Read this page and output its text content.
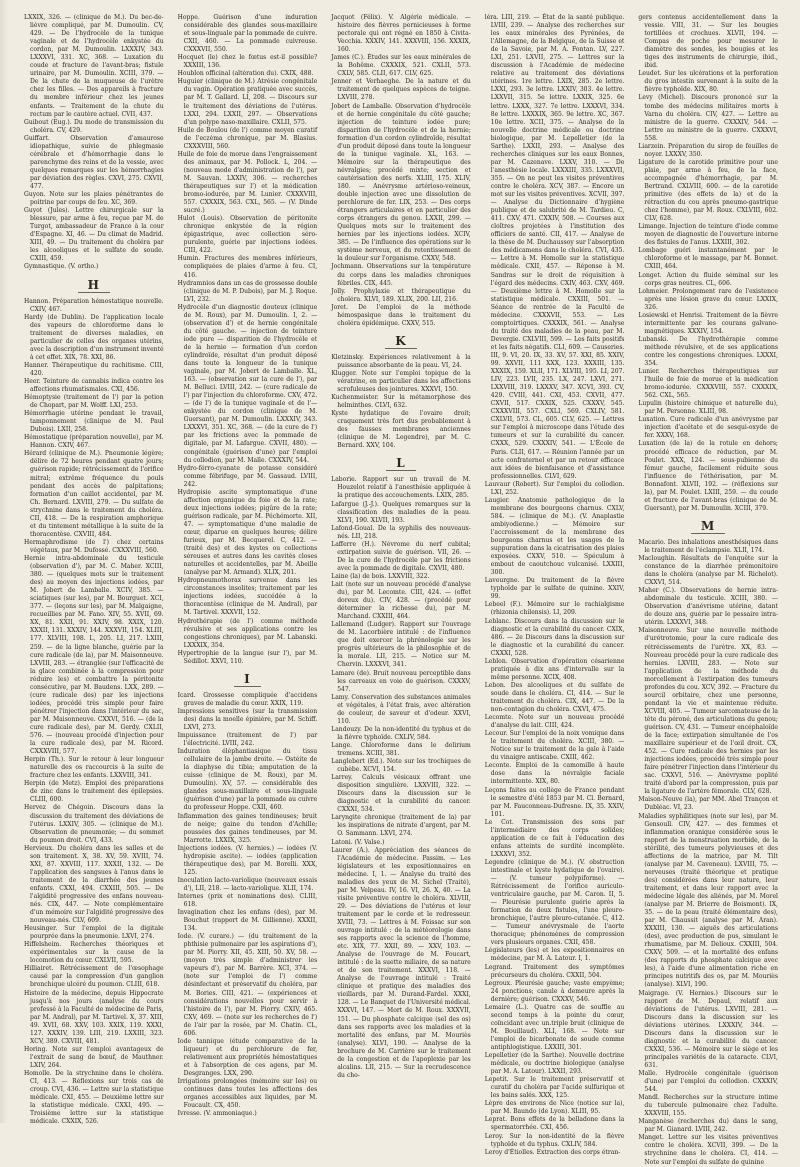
LXXIX, 326. — (clinique de M.). Du bec-de-lièvre compliqué, par M. Dumoulin. CV, 429. — De l'hydrocèle de la tunique vaginale et de l'hydrocèle enkystée du cordon, par M. Dumoulin. LXXXIV, 343. LXXXVI, 331. XC, 368. — Luxation du coude et fracture de l'avant-bras; fistule urinaire, par M. Dumoulin. XCIII, 379. — De la chute de la muqueuse de l'urètre chez les filles. — Des appareils à fracture du membre inférieur chez les jeunes enfants. — Traitement de la chute du rectum par le cautère actuel. CVII, 437.

Guibout (Eug.). Du mode de transmission du choléra. CV, 429.

Guiffart. Observation d'amaurose idiopathique, suivie de phlegmasie cérébrale et d'hémorrhagie dans le parenchyme des reins et de la vessie, avec quelques remarques sur les hémorrhagies par déviation des règles. CXVI, 275. CXVII, 477.

Guyon. Note sur les plaies pénétrantes de poitrine par coups de feu. XC, 369.

Guyot (Jules). Lettre chirurgicale sur la blessure, par arme à feu, reçue par M. de Turgot, ambassadeur de France à la cour d'Espagne. XI, 46. — Du climat de Madrid. XIII, 49. — Du traitement du choléra par les alcooliques et le sulfate de soude. CXIII, 459.

Gymnastique. (V. ortho.)

H

Hannon. Préparation hémostatique nouvelle. CXIV, 467.

Hardy (de Dublin). De l'application locale des vapeurs de chloroforme dans le traitement de diverses maladies, en particulier de celles des organes utérins, avec la description d'un instrument inventé à cet effet. XIX, 78. XXI, 86.

Hanner. Thérapeutique du rachitisme. CIII, 420.

Heer. Teinture de cannabis indica contre les affections rhumatismales. CXI, 456.

Hémoptysie (traitement de l') par la potion de Chopart, par M. Wolff. LXI, 253.

Hémorrhagie utérine pendant le travail, tamponnement (clinique de M. Paul Dubois). LXII, 258.

Hémostatique (préparation nouvelle), par M. Hannon. CXIV, 467.

Hérard (clinique de M.). Pneumonie légère; délire de 72 heures pendant quatre jours; guérison rapide; rétrécissement de l'orifice mitral; extrême fréquence du pouls pendant des accès de palpitations; formation d'un caillot accidentel, par M. Ch. Bernard. LXVIII, 279. — Du sulfate de strychnine dans le traitement du choléra. CII, 418. — De la respiration amphorique et du tintement métallique à la suite de la thoracentèse. CXVIII, 484.

Hermaphrodisme (de l') chez certains végétaux, par M. Dufossé. CXXXVIII, 560.

Hernie intra-abdominale du testicule (observation d'), par M. C. Maher. XCIII, 380. — (quelques mots sur le traitement des) au moyen des injections iodées, par M. Jobert de Lamballe. XCIV, 385. — sciatiques (sur les), par M. Bourguet. XCI, 377. — (leçons sur les), par M. Malgaigne, recueillies par M. Fano. XIV, 55. XVII, 69. XX, 81. XXII, 91. XXIV, 98. XXIX, 120. XXXII, 131. XXXIV, 144. XXXVII, 154. XLIII, 177. XLVIII, 198. L, 205. LI, 217. LXIII, 259. — de la ligne blanche, guérie par la cure radicale (de la), par M. Maisonneuve. LXVIII, 283. — étranglée (sur l'efficacité de la glace combinée à la compression pour réduire les) et combattre la péritonite consécutive, par M. Baudens. LXX, 289. — (cure radicale des) par les injections iodées, procédé très simple pour faire pénétrer l'injection dans l'intérieur du sac, par M. Maisonneuve. CXXVI, 516. — (de la cure radicale des), par M. Gerdy. CXLII, 576. — (nouveau procédé d'injection pour la cure radicale des), par M. Ricord. CXXXVIII, 577.

Herpin (Th.). Sur le retour à leur longueur naturelle des os raccourcis à la suite de fracture chez les enfants. LXXVIII, 341.

Herpin (de Metz). Emploi des préparations de zinc dans le traitement des épilepsies. CLIII, 600.

Hervez de Chégoin. Discours dans la discussion du traitement des déviations de l'utérus. LXXIV, 305. — (clinique de M.). Observation de pneumonie; — du sommet du poumon droit. CVI, 433.

Hervieux. Du choléra dans les salles et de son traitement. X, 38. XV, 59. XVIII, 74. XXI, 87. XXVIII, 117. XXXII, 132. — De l'application des sangsues à l'anus dans le traitement de la diarrhée des jeunes enfants. CXXI, 494. CXXIII, 505. — De l'algidité progressive des enfans nouveau-nés. CIX, 447. — Note complémentaire d'un mémoire sur l'algidité progressive des nouveau-nés. CLV, 609.

Heusinger. Sur l'emploi de la digitale pourprée dans la pneumonie. LXVI, 274.

Hiffelsheim. Recherches théoriques et expérimentales sur la cause de la locomotion du cœur. CXLVII, 595.

Hilliairet. Rétrécissement de l'œsophage causé par la compression d'un ganglion bronchique ulcéré du poumon. CLIII, 618.

Histoire de la médecine, depuis Hippocrate jusqu'à nos jours (analyse du cours professé à la Faculté de médecine de Paris, par M. Andral), par M. Tartivel. X, 37. XIII, 49. XVII, 68. XXV, 103. XXIX, 119. XXXI, 127. XXXIV, 139. LIII, 219. LXXIII, 323. XCV, 389. CXVIII, 481.

Horing. Note sur l'emploi avantageux de l'extrait de sang de bœuf, de Mauthner. LXIV, 264.

Homolle. De la strychnine dans le choléra. CI, 413. — Réflexions sur trois cas de croup. CVI, 436. — Lettre sur la statistique médicale. CXI, 455. — Deuxième lettre sur la statistique médicale. CXXI, 495. — Troisième lettre sur la statistique médicale. CXXIX, 526.

Hoppe. Guérison d'une induration considérable des glandes sous-maxillaire et sous-linguale par la pommade de cuivre. CXII, 460. — La pommade cuivreuse. CXXXVII, 550.

Hocquet (le) chez le fœtus est-il possible? XXXIII, 136.

Houblon officinal (altération du). CXIX, 488.

Huguier (clinique de M.) Atrésie congénitale du vagin. Opération pratiquée avec succès, par M. T. Gallard. LI, 208. — Discours sur le traitement des déviations de l'utérus. LXXI, 294. LXXII, 297. — Observations d'un polype naso-maxillaire. CXLII, 575.

Huile de Boulou (de l') comme moyen curatif de l'eczéma chronique, par M. Blasius. CXXXVIII, 560.

Huile de foie de morue dans l'engraissement des animaux, par M. Pollock. L, 204. — (nouveau mode d'administration de l'), par M. Sauvan. LXXIV, 306. — recherches thérapeutiques sur l') et la médication bromo-iodurée, par M. Lunier. CXXXVIII, 557. CXXXIX, 563. CXL, 565. — (V. Dinde sucré.)

Hulot (Louis). Observation de péritonite chronique enkystée de la région épigastrique, avec collection séro-purulente, guérie par injections iodées. CIII, 422.

Humin. Fractures des membres inférieurs, compliquées de plaies d'arme à feu. CI, 416.

Hydramnios dans un cas de grossesse double (clinique de M. P. Dubois), par M. J. Roque. LVI, 232.

Hydrocèle d'un diagnostic douteux (clinique de M. Roux), par M. Dumoulin. I, 2. — (observation d') et de hernie congénitale du côté gauche. — injection de teinture iode pure — disparition de l'hydrocèle et de la hernie — formation d'un cordon cylindroïde, résultat d'un produit déposé dans toute la longueur de la tunique vaginale, par M. Jobert de Lamballe. XL, 163. — (observation sur la cure de l'), par M. Belluci. LVIII, 242. — (cure radicale de l') par l'injection du chloroforme. CXV, 472. — (de l') de la tunique vaginale et de l'— enkystée du cordon (clinique de M. Guersant), par M. Dumoulin. LXXXIV, 343. LXXXVI, 351. XC, 368. — (de la cure de l') par les frictions avec la pommade de digitale, par M. Lafargue. CXVII, 480). — congénitale (guérison d'une) par l'emploi du collodion, par M. Malle. CXXXIV, 544.

Hydro-férro-cyanate de potasse considéré comme fébrifuge, par M. Gassaud. LVIII, 242.

Hydropisie ascite symptomatique d'une affection organique du foie et de la rate; deux injections iodées; pigûre de la rate; guérison radicale, par M. Péchémorte. XII, 47. — symptomatique d'une maladie de cœur, diparue en quelques heures; délire furieux, par M. Becquerel. C, 412. — (traité des) et des kystes ou collections séreuses et autres dans les cavités closes naturelles et accidentelles, par M. Abeille (analyse par M. Armand). XLIX, 201.

Hydropneumothorax survenue dans les circonstances insolites; traitement par les injections iodées, succédée à la thoracentèse (clinique de M. Andral), par M. Tartivel. XXXVII, 152.

Hydrothérapie (de l') comme méthode révulsive et ses applications contre les congestions chroniques), par M. Labanski. LXXXIX, 354.

Hypertrophie de la langue (sur l'), par M. Sédillot. XXVI, 110.

I

Icard. Grossesse compliquée d'accidens graves de maladie du cœur. XXIX, 119.

Impressions sensitives (sur la transmission des) dans la moelle épinière, par M. Schiff. LXVI, 273.

Impuissance (traitement de l') par l'électricité. LVIII, 242.

Induration éléphantiasique du tissu cellulaire de la jambe droite. — Ostéite de la diaphyse du tibia; amputation de la cuisse (clinique de M. Roux), par M. Dumoulin). XV, 57. — considérable des glandes sous-maxillaire et sous-linguale (guérison d'une) par la pommade au cuivre du professeur Hoppe. CXII, 460.

Inflammation des gaines tendineuses; bruit de neige; gaine du tendon d'Achille; poussées des gaines tendineuses, par M. Marrotte. LXXIX, 325.

Injections iodées. (V. hernies.) — iodées (V. hydropisie ascite). — iodées (application thérapeutique des), par M. Borelli. XXX, 125.

Inoculation lacto-variolique (nouveaux essais d'), LII, 218. — lacto-variolique. XLII, 174.

Internes (prix et nominations des). CLIII, 618.

Invagination chez les enfans (des), par M. Bouchut (rapport de M. Gillienne). XXXII, 134.

Iode. (V. curare.) — (du traitement de la phthisie pulmonaire par les aspirations d'), par M. Piorry. XII, 45. XIII, 50. XV, 58. — (moyen très simple d'administrer les vapeurs d'), par M. Barrère. XCI, 374. — (note sur l'emploi de l') comme désinfectant et préservatif du choléra, par M. Bories. CIII, 421. — (expériences et considérations nouvelles pour servir à l'histoire de l'), par M. Piorry. CXIV, 465. CXV, 469. — (note sur les recherches de l') de l'air par la rosée, par M. Chatin. CL, 606.

Iode tannique (étude comparative de la liqueur) et du perchlorure de fer, relativement aux propriétés hémostatiques et à l'absorption de ces agens, par M. Desgranges. LXX, 290.

Irrigations prolongées (mémoire sur les) ou continues dans toutes les affections des organes accessibles aux liquides, par M. Foucault. CX, 450.

Ivresse. (V. ammoniaque.)

Jacquot (Félix). V. Algérie médicale. — histoire des fièvres pernicieuses à forme pectorale qui ont régné en 1850 à Civita-Vecchia. XXXIV, 141. XXXVIII, 156. XXXIX, 160.

James (C.). Études sur les eaux minérales de la Bohême. CXXXIX, 521. CXLII, 573. CXLV, 585. CLII, 617. CLV, 625.

Jenner et Verhaeghe. De la nature et du traitement de quelques espèces de teigne. LXVIII, 278.

Jobert de Lamballe. Observation d'hydrocèle et de hernie congénitale du côté gauche; injection de teinture iodée pure; disparition de l'hydrocèle et de la hernie; formation d'un cordon cylindroïde, résultat d'un produit déposé dans toute la longueur de la tunique vaginale. XL, 163. — Mémoire sur la thérapeutique des névralgies; procédé mixte; section et cautérisation des nerfs. XLIII, 175. XLIV, 180. — Anévrysme artérioso-veineux, double injection avec une dissolution de perchlorure de fer. LIX, 253. — Des corps étrangers articulaires et en particulier des corps étrangers du genou. LXXII, 299. — Quelques mots sur le traitement des hernies par les injections iodées. XCIV, 385. — De l'influence des opérations sur le système nerveux, et du retentissement de la douleur sur l'organisme. CXXV, 548.

Jochmann. Observations sur la température du corps dans les maladies chroniques fébriles. CIX, 445.

Jolly. Prophylaxie et thérapeutique du choléra. XLVI, 189. XLIX, 200. LII, 216.

Joret. De l'emploi de la méthode hémospasique dans le traitement du choléra épidémique. CXXV, 515.

K

Kletzinsky. Expériences relativement à la puissance absorbante de la peau. VI, 24.

Klugger. Note sur l'emploi topique de la vératrine, en particulier dans les affections scrofuleuses des jointures. XXXVI, 150.

Kuchenmeister. Sur la métamorphose des helminthes. CLVI, 632.

Kyste hydatique de l'ovaire droit; craquement très fort dus probablement à des fausses membranes anciennes (clinique de M. Legendre), par M. C. Bernard. XXV, 104.

L

Laborie. Rapport sur un travail de M. Houzelot relatif à l'anesthésie appliquée à la pratique des accouchements. LXIX, 285.

Lafargue (J.-J.). Quelques remarques sur la classification des maladies de la peau. XLVI, 190. XLVII, 193.

Lafond-Goual. De la syphilis des nouveaux-nés. LII, 218.

Lafferre (H.). Névrome du nerf cubital; extirpation suivie de guérison. VII, 26. — De la cure de l'hydrocèle par les frictions avec la pommade de digitale. CXVII, 480.

Laine (la) de bois. LXXVIII, 322.

Lait (note sur un nouveau procédé d'analyse du), par M. Lecomte. CIII, 424. — (effet doreux du). CIV, 428. — (procédé pour déterminer la richesse du), par M. Marchand. CXXIII, 464.

Lallemand (Ludger). Rapport sur l'ouvrage de M. Lacorbière intitulé : de l'influence que doit exercer la phrénologie sur les progrès ultérieurs de la philosophie et de la morale. LII, 215. — Notice sur M. Chervin. LXXXVI, 341.

Lamare (de). Bruit nouveau perceptible dans les carreaux en voie de guérison. CXXXV, 547.

Lamy. Conservation des substances animales et végétales, à l'état frais, avec altération de couleur, de saveur et d'odeur. XXVI, 110.

Landouzy. De la non-identité du typhus et de la fièvre typhoïde. CXLIV, 584.

Lange. Chloroforme dans le delirium tremens. XCIII, 381.

Langlebert (Ed.). Note sur les trochiques de cubèbe. XCVI, 154.

Larrey. Calculs vésicaux offrant une disposition singulière. LXXVIII, 322. — Discours dans la discussion sur le diagnostic et la curabilité du cancer. CXXXI, 534.

Laryngite chronique (traitement de la) par les inspirations de nitrate d'argent, par M. O. Sammann. LXVI, 274.

Latoni. (V. Valse.)

Laurer (A.). Appréciation des séances de l'Académie de médecine. Passim. — Les législateurs et les expositionnaires en médecine. I, 1. — Analyse du traité des maladies des yeux de M. Sichel (Traité), par M. Velpeau. IV, 16. VI, 26. X, 40. — La visite préventive contre le choléra. XLVIII, 29. — Des déviations de l'utérus et leur traitement par le corde et le redresseur. XVIII, 73. — Lettres à M. Foissac sur son ouvrage intitulé : de la météorologie dans ses rapports avec la science de l'homme, etc. XIX, 77. XXII, 89. — XXV, 103. — Analyse de l'ouvrage de M. Foucart, intitulé : de la suette miliaire, de sa nature et de son traitement. XXXVI, 118. — Analyse de l'ouvrage intitulé : Traité clinique et pratique des maladies des vieillards, par M. Durand-Fardel. XXXI, 128. — Le Banquet de l'Université médical. XXXVI, 147. — Mort de M. Roux. XXXVII, 151. — Du phosphate calcique (sel des os) dans ses rapports avec les maladies et la mortalité des enfans, par M. Mouriès (analyse). XLVI, 190. — Analyse de la brochure de M. Carrière sur le traitement de la congestion et de l'apoplexie par les alcalins. LII, 215. — Sur la recrudescence du cho-

léra. LIII, 219. — État de la santé publique. LVIII, 239. — Analyse des recherches sur les eaux minérales des Pyrénées, de l'Allemagne, de la Belgique, de la Suisse et de la Savoie, par M. A. Fontan. LV, 227. LXI, 251. LXVII, 275. — Lettres sur la discussion à l'Académie de médecine relative au traitement des déviations utérines. 1re lettre. LXIX, 285. 2e lettre. LXXI, 293. 3e lettre. LXXIV, 303. 4e lettre. LXXVII, 315. 5e lettre. LXXIX, 325. 6e lettre. LXXX, 327. 7e lettre. LXXXVI, 334. 8e lettre. LXXXIX, 365. 9e lettre. XC, 367. 10e lettre. XCII, 375. — Analyse de la nouvelle doctrine médicale ou doctrine biologique, par M. Lepelletier (de la Sarthe). LXXII, 293. — Analyse des recherches cliniques sur les eaux Bonnes, par M. Cazenave. LXXV, 310. — De l'anesthésie locale. LXXXIII, 335. LXXXVII, 355. — On ne peut les visites préventives contre le choléra. XCV, 387. — Encore un mot sur les visites préventives. XCVII, 397. — Analyse du Dictionnaire d'hygiène publique et de salubrité de M. Tardieu. C, 411. CXV, 471. CXXIV, 508. — Courses aux cloîtres projetées à l'institution des officiers de santé. CII, 417. — Analyse de la thèse de M. Duchaussoy sur l'absorption des médicamens dans le choléra. CVI, 435. — Lettre à M. Homolle sur la statistique médicale. CXII, 457. — Réponse à M. Sandras sur le droit de réquisition à l'égard des médecins. CXIV, 463. CXV, 469. — Deuxième lettre à M. Homolle sur la statistique médicale. CXXIII, 501. — Séance de rentrée de la Faculté de médecine. CXXXVII, 553. — Les comptoirtiques. CXXXIX, 561. — Analyse du traité des maladies de la peau, par M. Devergie. CXLVIII, 599. — Les faits positifs et les faits négatifs. CLI, 609. — Causeries. III, 9. VI, 20. IX, 33. XV, 57. XXI, 85. XXIV, 99. XXVII, 111 XXX, 123. XXXIII, 135. XXXIX, 159. XLII, 171. XLVIII, 195. LI, 207. LIV, 223. LVII, 235. LX, 247. LXVI, 271. LXXVIII, 319. LXXXV, 347. XCVI, 393. CV, 429. CVIII, 441. CXI, 453. CXVII, 477. CXVII, 517. CXXIX, 525. CXXXV, 545. CXXXVIII, 557. CXLI, 569. CXLIV, 581. CXLVII, 573. CL, 605. CLV, 625. — Lettres sur l'emploi à microscope dans l'étude des tumeurs et sur la curabilité du cancer. CXXX, 529. CXXXIV, 541. — L'École de Paris. CLII, 617. — Réunion l'année par un acte confraternel et par un retour efficace aux idées de bienfaisance et d'assistance professionnelles. CLVI, 629.

Lauvaur (Robert). Sur l'emploi du collodion. LXI, 252.

Laugier. Anatomie pathologique de la membrane des bourgeons charnus. CXLV, 584. — (clinique de M.). (V. Anaplastie ambiyodienne.) — Mémoire sur l'accroissement de la membrane des bourgeons charnus et les usages de la suppuration dans la cicatrisation des plaies exposées. CXXV, 510. — Spéculum à embout de caoutchouc vulcanisé. LXXIII, 300.

Laveurgne. Du traitement de la fièvre typhoïde par le sulfate de quinine. XXIV, 99.

Lebeel (F.). Mémoire sur le rachialgisme (rhizonia chilensis). LI, 209.

Leblanc. Discours dans la discussion sur le diagnostic et la curabilité du cancer. CXIX, 486. — 2e Discours dans la discussion sur le diagnostic et la curabilité du cancer. CXXXI, 528.

Leblon. Observation d'opération césarienne pratiquée à dix ans d'intervalle sur la même personne. XCIX, 408.

Lebon. Des alcooliques et du sulfate de soude dans le choléra. CI, 414. — Sur le traitement du choléra. CIX, 447. — De la non-contagion du choléra. CXVI, 475.

Lecomte. Note sur un nouveau procédé d'analyse du lait. CIII, 424.

Lecour. Sur l'emploi de la noix vomique dans le traitement du choléra. XCIII, 380. — Notice sur le traitement de la gale à l'aide du vinaigre antiscabe. CXIII, 462.

Leconte. Emploi de la camomille à haute dose dans la névralgie faciale intermittente. XIX, 80.

Leçons faites au collège de France pendant le semestre d'été 1853 par M. Cl. Bernard, par M. Fauconneau-Dufresne. IX, 35. XXIV, 101.

Le Cot. Transmission des sons par l'intermédiaire des corps solides; application de ce fait à l'éducation des enfans atteints de surdité incomplète. LXXXVI, 352.

Legendre (clinique de M.). (V. obstruction intestinale et kyste hydatique de l'ovaire). — (V. tumeur polypiforme). — Rétrécissement de l'orifice auriculo-ventriculaire gauche, par M. Caron. II, 5. — Pleurésie purulente guérie après la formation de deux fistules, l'une pleuro-bronchique, l'autre pleuro-cutanée. C, 412. — Tumeur anévrysmale de l'aorte thoracique; phénomènes de compression vers plusieurs organes. CXII, 458.

Législateurs (les) et les expositionnaires en médecine, par M. A. Latour. I, 1.

Legrand. Traitement des symptômes précurseurs du choléra. CXXII, 504.

Legroux. Pleurésie gauche; vaste empyème; 24 ponctions; canule à demeure après la dernière; guérison. CXXXV, 546.

Lemaire (L.). Quatre cas de souffle au second temps à la pointe du cœur, coïncidant avec un.triple bruit (clinique de M. Bouillaud). XLI, 168. — Note sur l'emploi de bicarbonate de soude comme antiphlogistique. LXXIII, 301.

Lepelletier (de la Sarthe). Nouvelle doctrine médicale, ou doctrine biologique (analyse par M. A. Latour). LXXII, 293.

Lepetit. Sur le traitement préservatif et curatif du choléra par l'acide sulfurique et les bains salés. XXX, 125.

Lèpre des environs de Nice (notice sur la), par M. Baundo (de Lyon). XLIII, 95.

Leprat. Bons effets de la belladone dans la spermatorrhée. CXI, 456.

Leroy. Sur la non-identité de la fièvre typhoïde et du typhus. CXLIV, 584.

Leroy d'Étiolles. Extraction des corps étran-

gers contenus accidentellement dans la vessie. VIII, 31. — Sur les bougies tortillées et crochues. XLVII, 194. — Compas de poche pour mesurer le diamètre des sondes, les bougies et les tiges des instruments de chirurgie, ibid., ibid.

Leudet. Sur les ulcérations et la perforation du gros intestin survenant à la suite de la fièvre typhoïde. XIX, 80.

Levy (Michel). Discours prononcé sur la tombe des médecins militaires morts à Varna du choléra. CIV, 427. — Lettre au ministre de la guerre. CXXXIV, 544. — Lettre au ministre de la guerre. CXXXVI, 558.

Liarzein. Préparation du sirop de feuilles de noyer. LXXXV, 350.

Ligature de la carotide primitive pour une plaie, par arme à feu, de la face, accompagnée d'hémorrhagie, par M. Bertrand. CXLVIII, 600. — de la carotide primitive (des effets de la) et de la rétraction du cou après pneumo-gastrique chez l'homme), par M. Roux. CXLVIII, 602. CLV, 628.

Limange. Injection de teinture d'iode comme moyen de diagnostic de l'ouverture interne des fistules de l'anus. LXXIII, 302.

Lombage guéri instantanément par le chloroforme et le massage, par M. Bonnet. CXIII, 464.

Longet. Action du fluide séminal sur les corps gras neutres. CL, 606.

Lohmeier. Prolongement rare de l'existence après une lésion grave du cœur. LXXIX, 326.

Losiewski et Henrisi. Traitement de la fièvre intermittente par les courans galvano-magnétiques. XXXIV, 154.

Lubanski. De l'hydrothérapie comme méthode révulsive, et de ses applications contre les congestions chroniques. LXXXI, 354.

Lunier. Recherches thérapeutiques sur l'huile de foie de morue et la médication bromo-iodurée. CXXXVIII, 557. CXXXIX, 562. CXL, 565.

Lupulin (histoire chimique et naturelle du), par M. Personne. XLIII, 98.

Luxation. Cure radicale d'un anévrysme par injection d'acétate et de sesqui-oxyde de fer. XXXV, 168.

Luxation (de la) de la rotule en dehors; procédé efficace de réduction, par M. Poulet. XXX, 124. — sous-pubienne du fémur gauche, facilement réduite sous l'influence de l'éthérisation, par M. Bonnafont. XLVII, 192. — (réflexions sur la), par M. Poulet. LXIII, 259. — du coude et fracture de l'avant-bras (clinique de M. Guersant), par M. Dumoulin. XCIII, 379.

M

Macario. Des inhalations anesthésiques dans le traitement de l'éclampsie. XLII, 174.

Macloughin. Résultats de l'enquête sur la constance de la diarrhée prémonitoire dans le choléra (analyse par M. Richelot). CXXVI, 514.

Maher (C.). Observations de hernie intra-abdominale du testicule. XCIII, 380. — Observation d'anévrisme utérine, datant de douze ans, guérie par le pessaire intra-utérin. LXXXVI, 348.

Maisonneuve. Sur une nouvelle méthode d'urétrotomie, pour la cure radicale des rétrécissements de l'urètre. XX, 83. — Nouveau procédé pour la cure radicale des hernies. LXVIII, 283. — Note sur l'application de la méthode du morcellement à l'extirpation des tumeurs profondes du cou. XCV, 392. — Fracture du sourcil orbitaire, chez une personne, pendant la vie et maintenue réduite. XCVIII, 405. — Tumeur sarcomateuse de la tête du péroné, des articulations du genou; guérison. CV, 431. — Tumeur encéphaloïde de la face; extirpation simultanée de l'os maxillaire supérieur et de l'œil droit. CX, 452. — Cure radicale des hernies par les injections iodées, procédé très simple pour faire pénétrer l'injection dans l'intérieur du sac. CXXVI, 516. — Anévrysme poplité traité d'abord par la compression, puis par la ligature de l'artère fémorale. CLV, 628.

Maison-Neuve (la), par MM. Abel Trançon et Dubléac. VI, 23.

Maladies syphilitiques (note sur les), par M. Gensoull. CIV, 427. — des femmes et inflammation oranique considérée sous le rapport de la menstruation morbide, de la stérilité, des tumeurs polyvieuses et des affections de la matrice, par M. Tilt (analyse par M. Caveneau). LXVIII, 75. — nerveuses (traité théorique et pratique des) considérées dans leur nature, leur traitement, et dans leur rapport avec la médecine légale des aliénés, par M. Morel (analyse par M. Brierre de Boismont). IX, 35. — de la peau (traité élémentaire des), par M. Chaussit (analyse par M. Aran). XXXIII, 130. — aiguës des articulations (des), avec production de pus, simulant le rhumatisme, par M. Delioux. CXXIII, 504. CXXV, 509. — et la mortalité des enfans (des rapports du phosphate calcique avec les), à l'aide d'une alimentation riche en principes nutritifs des os, par M. Mouriès (analyse). XLVI, 190.

Maigrage. (V. Hernies.) Discours sur le rapport de M. Depaul, relatif aux déviations de l'utérus. LXVIII, 281. — Discours dans la discussion sur les déviations utérines. LXXXIV, 344. — Discours dans la discussion sur le diagnostic et la curabilité du cancer. CXXXI, 536. — Mémoire sur le siège et les principales variétés de la cataracte. CLVI, 631.

Malle. Hydrocèle congénitale (guérison d'une) par l'emploi du collodion. CXXXIV, 544.

Mandl. Recherches sur la structure intime du tubercule pulmonaire chez l'adulte. XXXVIII, 155.

Manganèse (recherches du) dans le sang, par M. Gianard. LVIII, 242.

Manget. Lettre sur les visites préventives contre le choléra. XCVII, 399. — De la strychnine dans le choléra. CI, 414. — Note sur l'emploi du sulfate de quinine
